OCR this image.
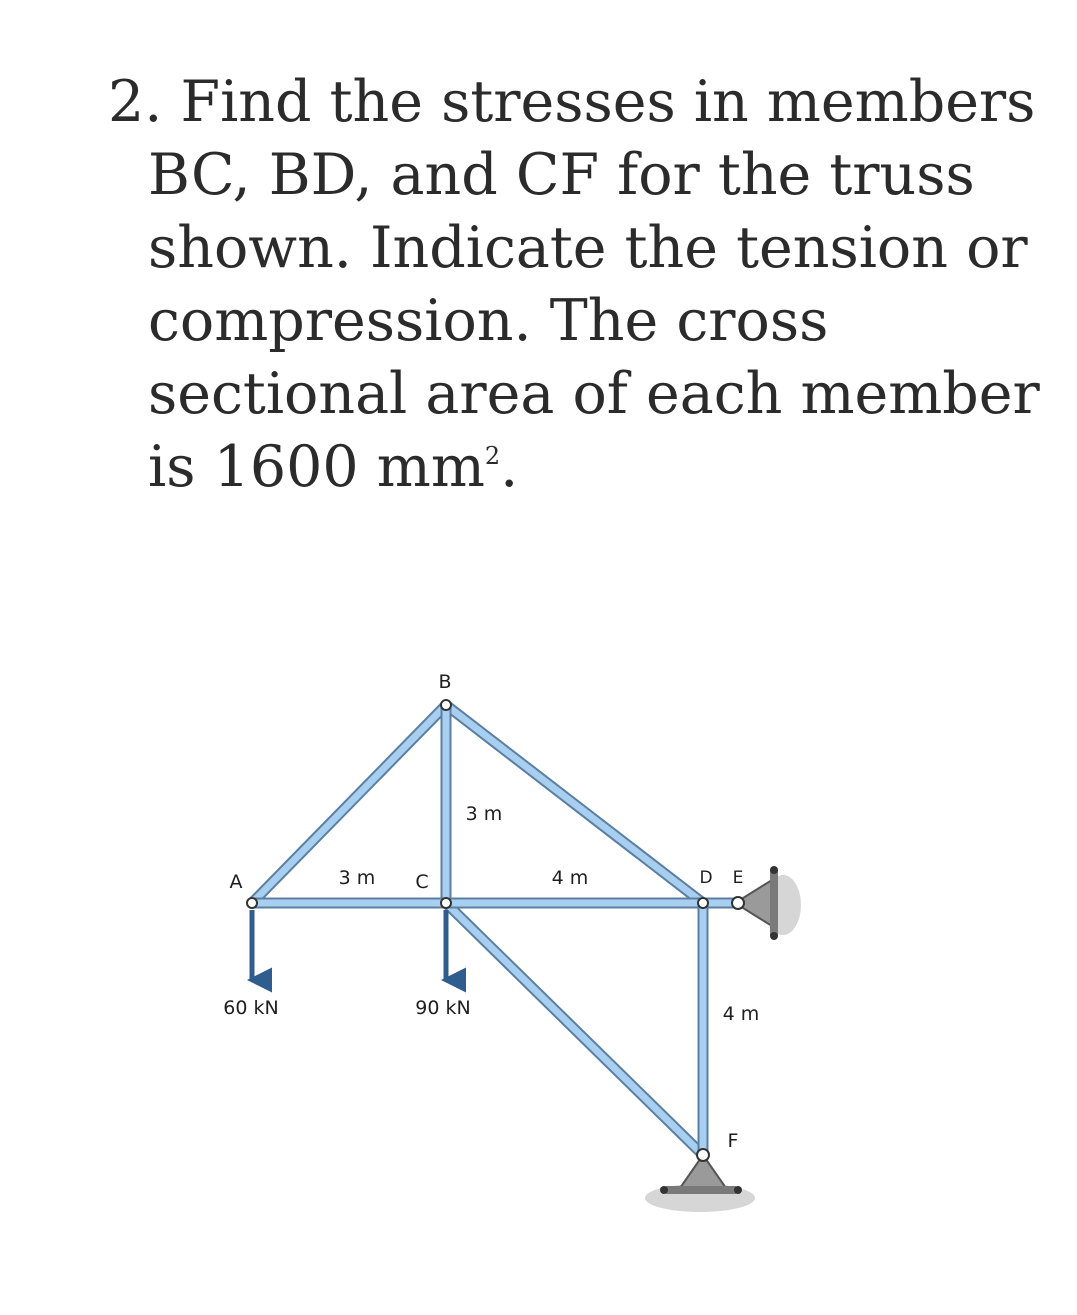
2. Find the stresses in members
BC, BD, and CF for the truss
shown. Indicate the tension or
compression. The cross
sectional area of each member
is 1600 $mm^2$.
A
B
C	D E
F
3 m
3 m
4 m
4 m
60 kN	90 kN
